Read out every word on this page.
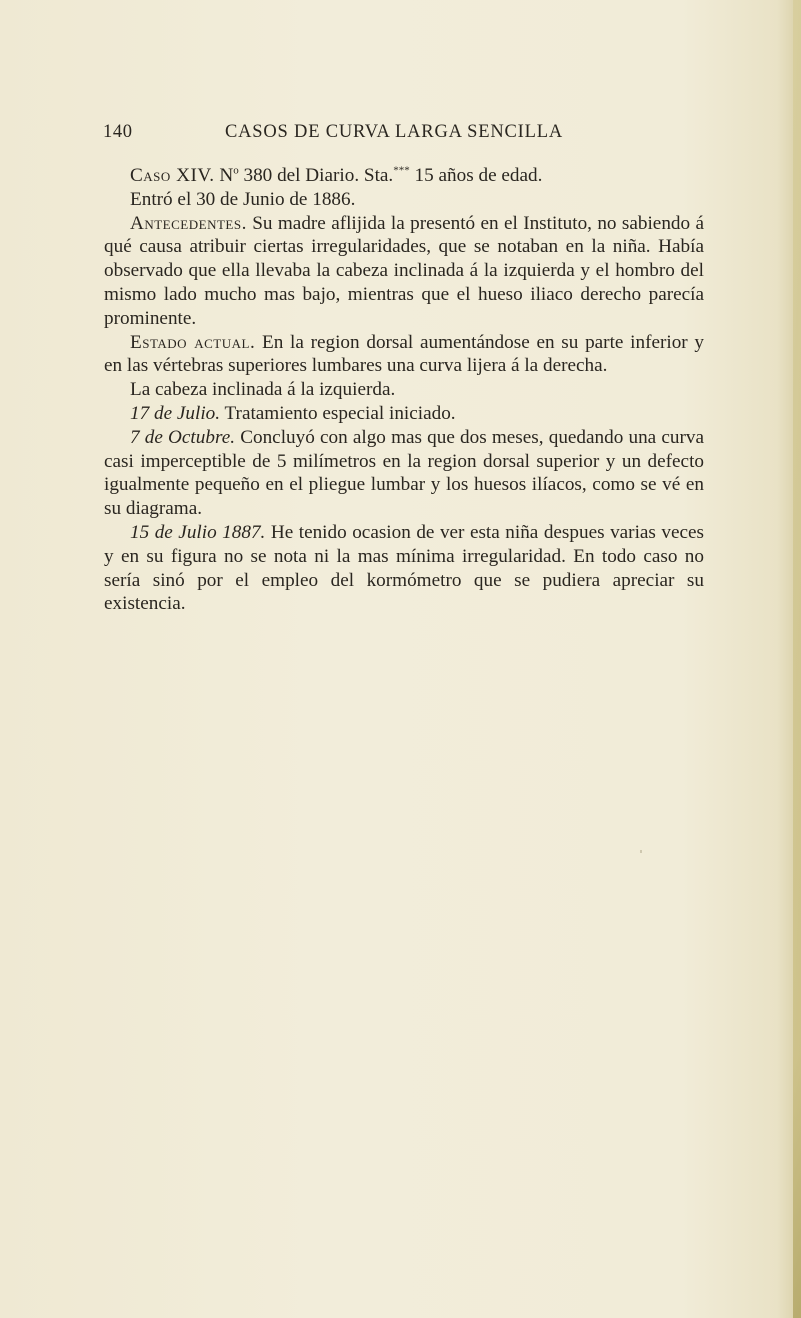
140	CASOS DE CURVA LARGA SENCILLA

Caso XIV. $N^o$ 380 del Diario. Sta.*** 15 años de edad.

Entró el 30 de Junio de 1886.

Antecedentes. Su madre aflijida la presentó en el Instituto, no sabiendo á qué causa atribuir ciertas irregularidades, que se notaban en la niña. Había observado que ella llevaba la cabeza inclinada á la izquierda y el hombro del mismo lado mucho mas bajo, mientras que el hueso iliaco derecho parecía prominente.

Estado actual. En la region dorsal aumentándose en su parte inferior y en las vértebras superiores lumbares una curva lijera á la derecha.

La cabeza inclinada á la izquierda.

17 de Julio. Tratamiento especial iniciado.

7 de Octubre. Concluyó con algo mas que dos meses, quedando una curva casi imperceptible de 5 milímetros en la region dorsal superior y un defecto igualmente pequeño en el pliegue lumbar y los huesos ilíacos, como se vé en su diagrama.

15 de Julio 1887. He tenido ocasion de ver esta niña despues varias veces y en su figura no se nota ni la mas mínima irregularidad. En todo caso no sería sinó por el empleo del kormómetro que se pudiera apreciar su existencia.
